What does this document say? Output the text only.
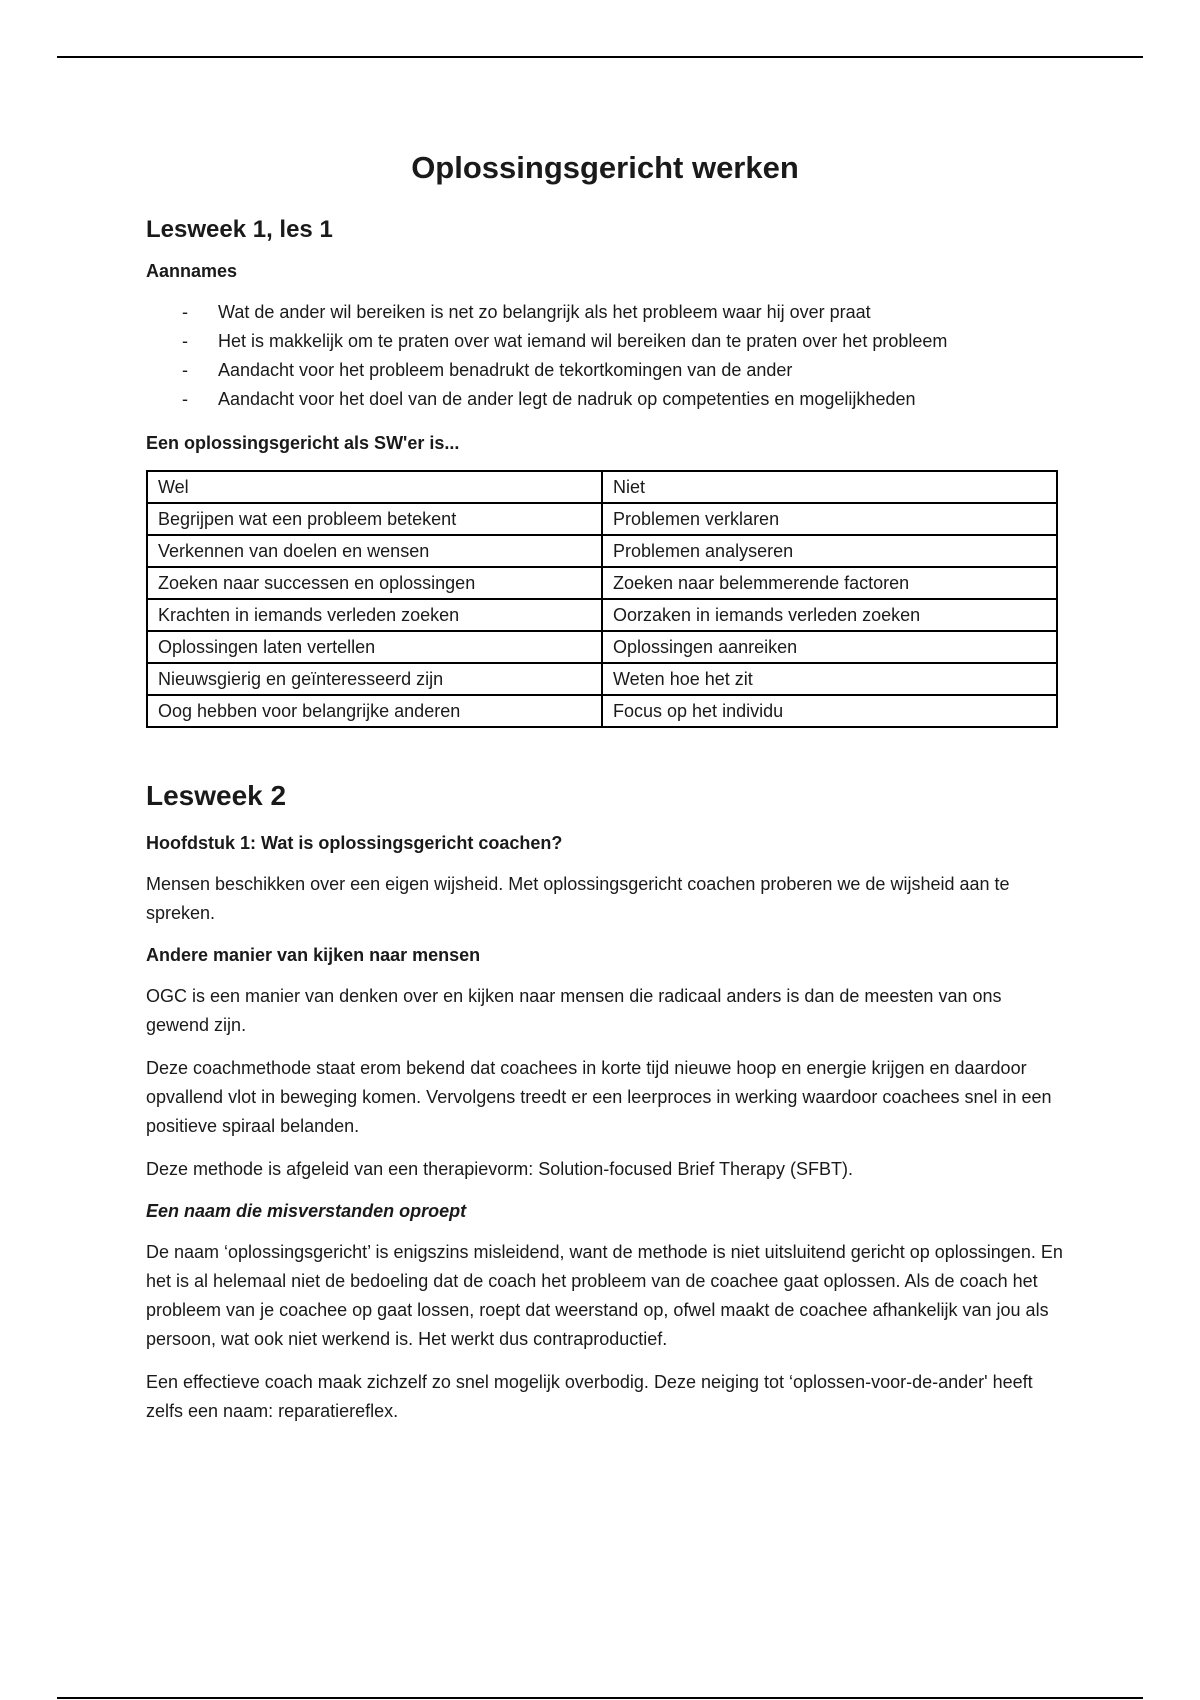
Oplossingsgericht werken
Lesweek 1, les 1
Aannames
- Wat de ander wil bereiken is net zo belangrijk als het probleem waar hij over praat
- Het is makkelijk om te praten over wat iemand wil bereiken dan te praten over het probleem
- Aandacht voor het probleem benadrukt de tekortkomingen van de ander
- Aandacht voor het doel van de ander legt de nadruk op competenties en mogelijkheden
Een oplossingsgericht als SW'er is...
Wel	Niet
Begrijpen wat een probleem betekent	Problemen verklaren
Verkennen van doelen en wensen	Problemen analyseren
Zoeken naar successen en oplossingen	Zoeken naar belemmerende factoren
Krachten in iemands verleden zoeken	Oorzaken in iemands verleden zoeken
Oplossingen laten vertellen	Oplossingen aanreiken
Nieuwsgierig en geïnteresseerd zijn	Weten hoe het zit
Oog hebben voor belangrijke anderen	Focus op het individu
Lesweek 2
Hoofdstuk 1: Wat is oplossingsgericht coachen?

Mensen beschikken over een eigen wijsheid. Met oplossingsgericht coachen proberen we de wijsheid aan te spreken.

Andere manier van kijken naar mensen

OGC is een manier van denken over en kijken naar mensen die radicaal anders is dan de meesten van ons gewend zijn.

Deze coachmethode staat erom bekend dat coachees in korte tijd nieuwe hoop en energie krijgen en daardoor opvallend vlot in beweging komen. Vervolgens treedt er een leerproces in werking waardoor coachees snel in een positieve spiraal belanden.

Deze methode is afgeleid van een therapievorm: Solution-focused Brief Therapy (SFBT).

Een naam die misverstanden oproept

De naam ‘oplossingsgericht’ is enigszins misleidend, want de methode is niet uitsluitend gericht op oplossingen. En het is al helemaal niet de bedoeling dat de coach het probleem van de coachee gaat oplossen. Als de coach het probleem van je coachee op gaat lossen, roept dat weerstand op, ofwel maakt de coachee afhankelijk van jou als persoon, wat ook niet werkend is. Het werkt dus contraproductief.

Een effectieve coach maak zichzelf zo snel mogelijk overbodig. Deze neiging tot ‘oplossen-voor-de-ander' heeft zelfs een naam: reparatiereflex.
